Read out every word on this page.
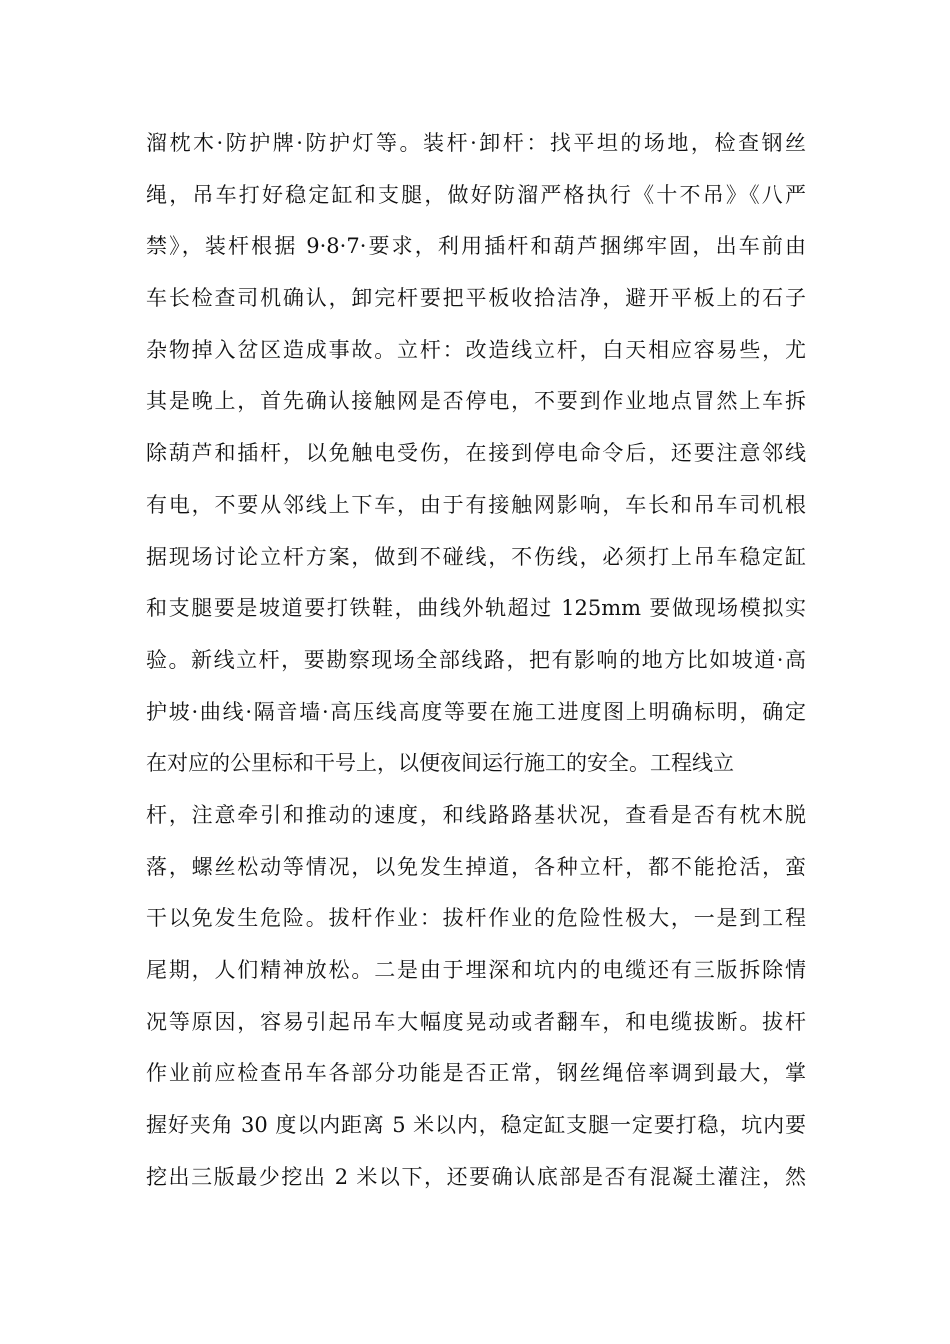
溜枕木·防护牌·防护灯等。装杆·卸杆：找平坦的场地，检查钢丝
绳，吊车打好稳定缸和支腿，做好防溜严格执行《十不吊》《八严
禁》，装杆根据 9·8·7·要求，利用插杆和葫芦捆绑牢固，出车前由
车长检查司机确认，卸完杆要把平板收拾洁净，避开平板上的石子
杂物掉入岔区造成事故。立杆：改造线立杆，白天相应容易些，尤
其是晚上，首先确认接触网是否停电，不要到作业地点冒然上车拆
除葫芦和插杆，以免触电受伤，在接到停电命令后，还要注意邻线
有电，不要从邻线上下车，由于有接触网影响，车长和吊车司机根
据现场讨论立杆方案，做到不碰线，不伤线，必须打上吊车稳定缸
和支腿要是坡道要打铁鞋，曲线外轨超过 125mm 要做现场模拟实
验。新线立杆，要勘察现场全部线路，把有影响的地方比如坡道·高
护坡·曲线·隔音墙·高压线高度等要在施工进度图上明确标明，确定
在对应的公里标和干号上，以便夜间运行施工的安全。工程线立
杆，注意牵引和推动的速度，和线路路基状况，查看是否有枕木脱
落，螺丝松动等情况，以免发生掉道，各种立杆，都不能抢活，蛮
干以免发生危险。拔杆作业：拔杆作业的危险性极大，一是到工程
尾期，人们精神放松。二是由于埋深和坑内的电缆还有三版拆除情
况等原因，容易引起吊车大幅度晃动或者翻车，和电缆拔断。拔杆
作业前应检查吊车各部分功能是否正常，钢丝绳倍率调到最大，掌
握好夹角 30 度以内距离 5 米以内，稳定缸支腿一定要打稳，坑内要
挖出三版最少挖出 2 米以下，还要确认底部是否有混凝土灌注，然
